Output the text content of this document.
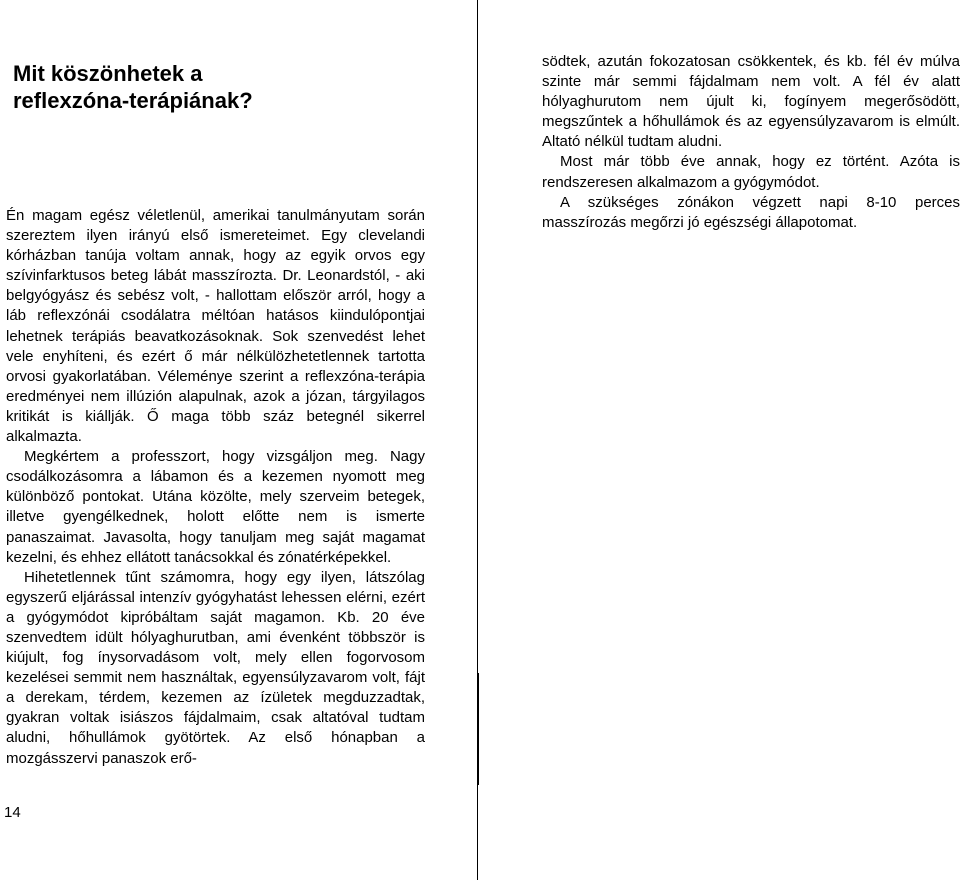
Mit köszönhetek a
reflexzóna-terápiának?

Én magam egész véletlenül, amerikai tanulmányutam során szereztem ilyen irányú első ismereteimet. Egy clevelandi kórházban tanúja voltam annak, hogy az egyik orvos egy szívinfarktusos beteg lábát masszírozta. Dr. Leonardstól, - aki belgyógyász és sebész volt, - hallottam először arról, hogy a láb reflexzónái csodálatra méltóan hatásos kiindulópontjai lehetnek terápiás beavatkozásoknak. Sok szenvedést lehet vele enyhíteni, és ezért ő már nélkülözhetetlennek tartotta orvosi gyakorlatában. Véleménye szerint a reflexzóna-terápia eredményei nem illúzión alapulnak, azok a józan, tárgyilagos kritikát is kiállják. Ő maga több száz betegnél sikerrel alkalmazta.

Megkértem a professzort, hogy vizsgáljon meg. Nagy csodálkozásomra a lábamon és a kezemen nyomott meg különböző pontokat. Utána közölte, mely szerveim betegek, illetve gyengélkednek, holott előtte nem is ismerte panaszaimat. Javasolta, hogy tanuljam meg saját magamat kezelni, és ehhez ellátott tanácsokkal és zónatérképekkel.

Hihetetlennek tűnt számomra, hogy egy ilyen, látszólag egyszerű eljárással intenzív gyógyhatást lehessen elérni, ezért a gyógymódot kipróbáltam saját magamon. Kb. 20 éve szenvedtem idült hólyaghurutban, ami évenként többször is kiújult, fog ínysorvadásom volt, mely ellen fogorvosom kezelései semmit nem használtak, egyensúlyzavarom volt, fájt a derekam, térdem, kezemen az ízületek megduzzadtak, gyakran voltak isiászos fájdalmaim, csak altatóval tudtam aludni, hőhullámok gyötörtek. Az első hónapban a mozgásszervi panaszok erő-

södtek, azután fokozatosan csökkentek, és kb. fél év múlva szinte már semmi fájdalmam nem volt. A fél év alatt hólyaghurutom nem újult ki, fogínyem megerősödött, megszűntek a hőhullámok és az egyensúlyzavarom is elmúlt. Altató nélkül tudtam aludni.

Most már több éve annak, hogy ez történt. Azóta is rendszeresen alkalmazom a gyógymódot.

A szükséges zónákon végzett napi 8-10 perces masszírozás megőrzi jó egészségi állapotomat.

14
